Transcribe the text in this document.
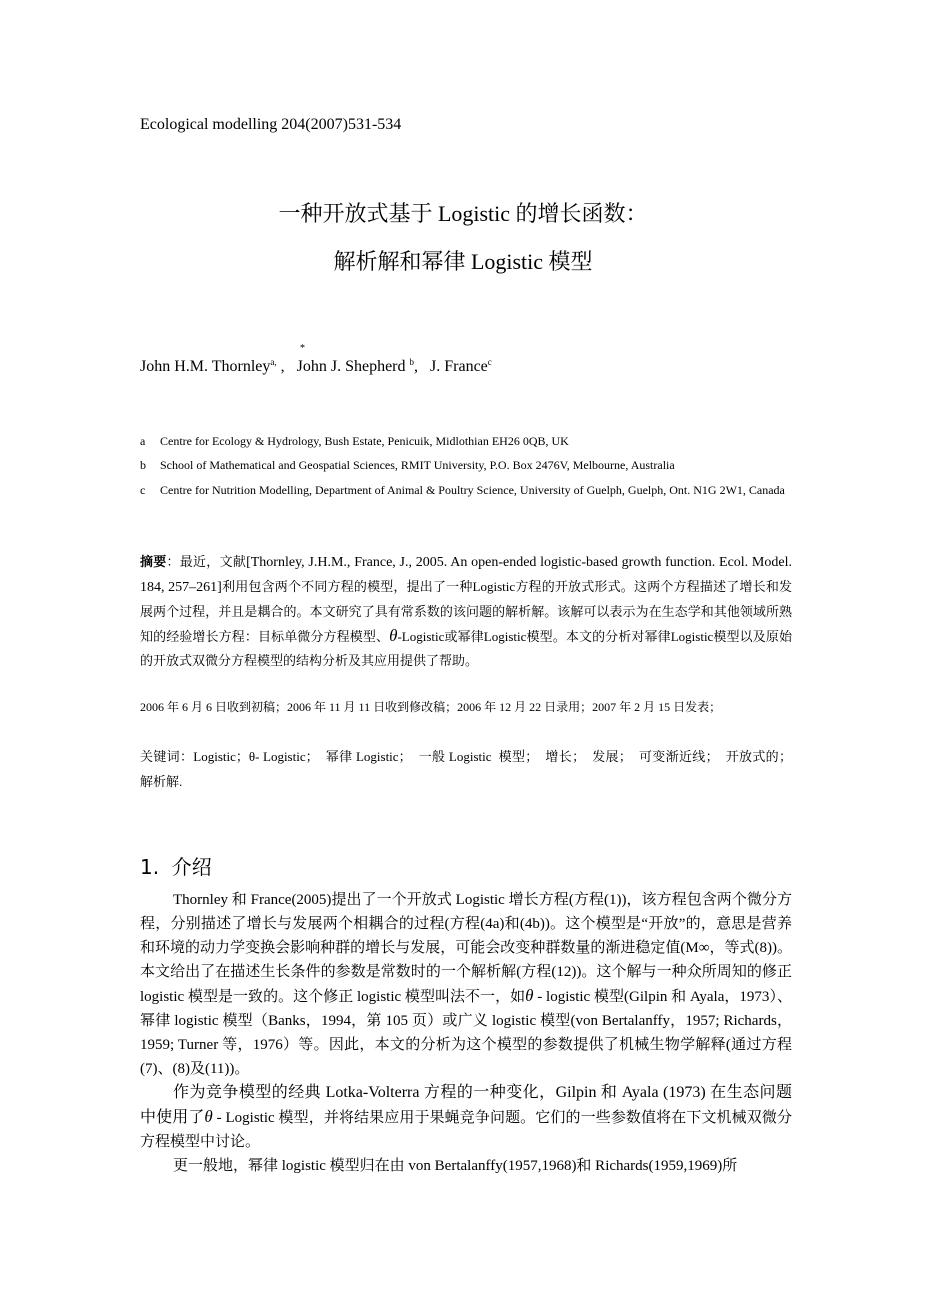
Ecological modelling 204(2007)531-534
一种开放式基于 Logistic 的增长函数：
解析解和幂律 Logistic 模型
*
John H.M. Thornley$^{a,}$ ,   John J. Shepherd $^b$,   J. France$^c$
a Centre for Ecology & Hydrology, Bush Estate, Penicuik, Midlothian EH26 0QB, UK
b School of Mathematical and Geospatial Sciences, RMIT University, P.O. Box 2476V, Melbourne, Australia
c Centre for Nutrition Modelling, Department of Animal & Poultry Science, University of Guelph, Guelph, Ont. N1G 2W1, Canada
摘要：最近，文献[Thornley, J.H.M., France, J., 2005. An open-ended logistic-based growth function. Ecol. Model. 184, 257–261]利用包含两个不同方程的模型，提出了一种Logistic方程的开放式形式。这两个方程描述了增长和发展两个过程，并且是耦合的。本文研究了具有常系数的该问题的解析解。该解可以表示为在生态学和其他领域所熟知的经验增长方程：目标单微分方程模型、θ-Logistic或幂律Logistic模型。本文的分析对幂律Logistic模型以及原始的开放式双微分方程模型的结构分析及其应用提供了帮助。
2006 年 6 月 6 日收到初稿；2006 年 11 月 11 日收到修改稿；2006 年 12 月 22 日录用；2007 年 2 月 15 日发表；
关键词：Logistic；θ- Logistic；  幂律 Logistic；  一般 Logistic  模型；  增长；  发展；  可变渐近线；  开放式的；  解析解.
1.  介绍

Thornley 和 France(2005)提出了一个开放式 Logistic 增长方程(方程(1))，该方程包含两个微分方程，分别描述了增长与发展两个相耦合的过程(方程(4a)和(4b))。这个模型是“开放”的，意思是营养和环境的动力学变换会影响种群的增长与发展，可能会改变种群数量的渐进稳定值(M∞，等式(8))。本文给出了在描述生长条件的参数是常数时的一个解析解(方程(12))。这个解与一种众所周知的修正 logistic 模型是一致的。这个修正 logistic 模型叫法不一，如θ - logistic 模型(Gilpin 和 Ayala，1973）、幂律 logistic 模型（Banks，1994，第 105 页）或广义 logistic 模型(von Bertalanffy，1957; Richards，1959; Turner 等，1976）等。因此，本文的分析为这个模型的参数提供了机械生物学解释(通过方程(7)、(8)及(11))。

作为竞争模型的经典 Lotka-Volterra 方程的一种变化，Gilpin 和 Ayala (1973) 在生态问题中使用了θ - Logistic 模型，并将结果应用于果蝇竞争问题。它们的一些参数值将在下文机械双微分方程模型中讨论。

更一般地，幂律 logistic 模型归在由 von Bertalanffy(1957,1968)和 Richards(1959,1969)所
